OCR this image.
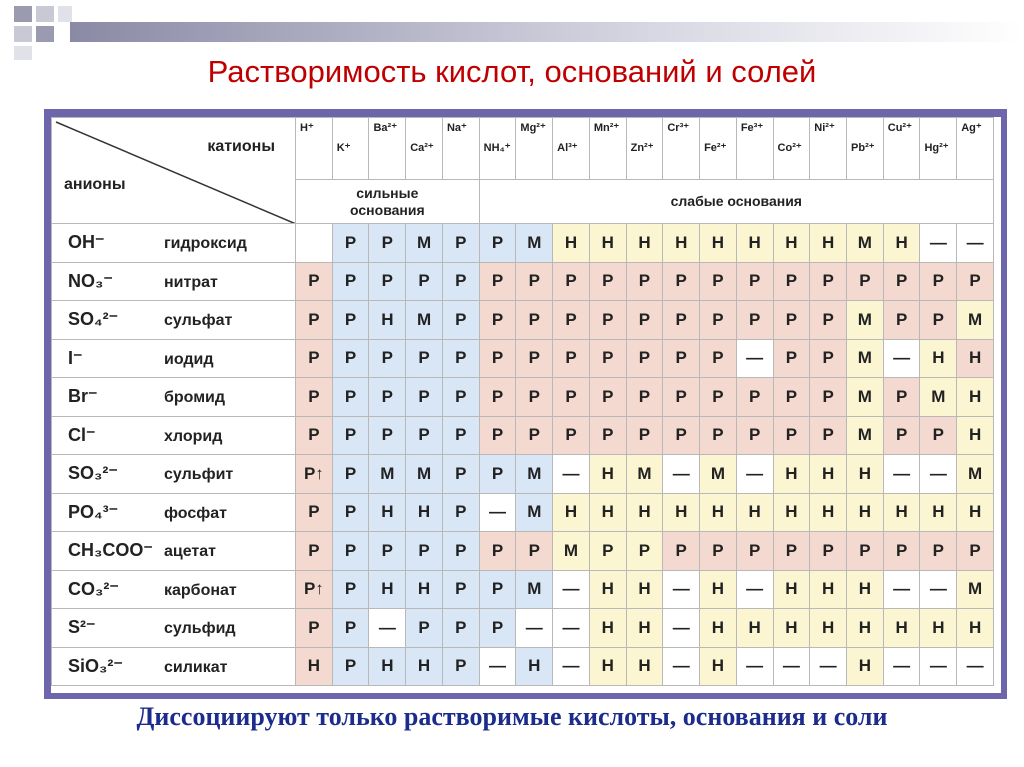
Растворимость кислот, оснований и солей
катионы
анионы	H⁺	K⁺	Ba²⁺	Ca²⁺	Na⁺	NH₄⁺	Mg²⁺	Al³⁺	Mn²⁺	Zn²⁺	Cr³⁺	Fe²⁺	Fe³⁺	Co²⁺	Ni²⁺	Pb²⁺	Cu²⁺	Hg²⁺	Ag⁺

	сильные основания					слабые основания													
OH⁻ гидроксид		Р	Р	М	Р	Р	М	Н	Н	Н	Н	Н	Н	Н	Н	М	Н	—	—
NO₃⁻ нитрат	Р	Р	Р	Р	Р	Р	Р	Р	Р	Р	Р	Р	Р	Р	Р	Р	Р	Р	Р
SO₄²⁻ сульфат	Р	Р	Н	М	Р	Р	Р	Р	Р	Р	Р	Р	Р	Р	Р	М	Р	Р	М
I⁻ иодид	Р	Р	Р	Р	Р	Р	Р	Р	Р	Р	Р	Р	—	Р	Р	М	—	Н	Н
Br⁻ бромид	Р	Р	Р	Р	Р	Р	Р	Р	Р	Р	Р	Р	Р	Р	Р	М	Р	М	Н
Cl⁻ хлорид	Р	Р	Р	Р	Р	Р	Р	Р	Р	Р	Р	Р	Р	Р	Р	М	Р	Р	Н
SO₃²⁻ сульфит	Р↑	Р	М	М	Р	Р	М	—	Н	М	—	М	—	Н	Н	Н	—	—	М
PO₄³⁻ фосфат	Р	Р	Н	Н	Р	—	М	Н	Н	Н	Н	Н	Н	Н	Н	Н	Н	Н	Н
CH₃COO⁻ ацетат	Р	Р	Р	Р	Р	Р	Р	М	Р	Р	Р	Р	Р	Р	Р	Р	Р	Р	Р
CO₃²⁻ карбонат	Р↑	Р	Н	Н	Р	Р	М	—	Н	Н	—	Н	—	Н	Н	Н	—	—	М
S²⁻ сульфид	Р	Р	—	Р	Р	Р	—	—	Н	Н	—	Н	Н	Н	Н	Н	Н	Н	Н
SiO₃²⁻ силикат	Н	Р	Н	Н	Р	—	Н	—	Н	Н	—	Н	—	—	—	Н	—	—	—
Диссоциируют только растворимые кислоты, основания и соли
